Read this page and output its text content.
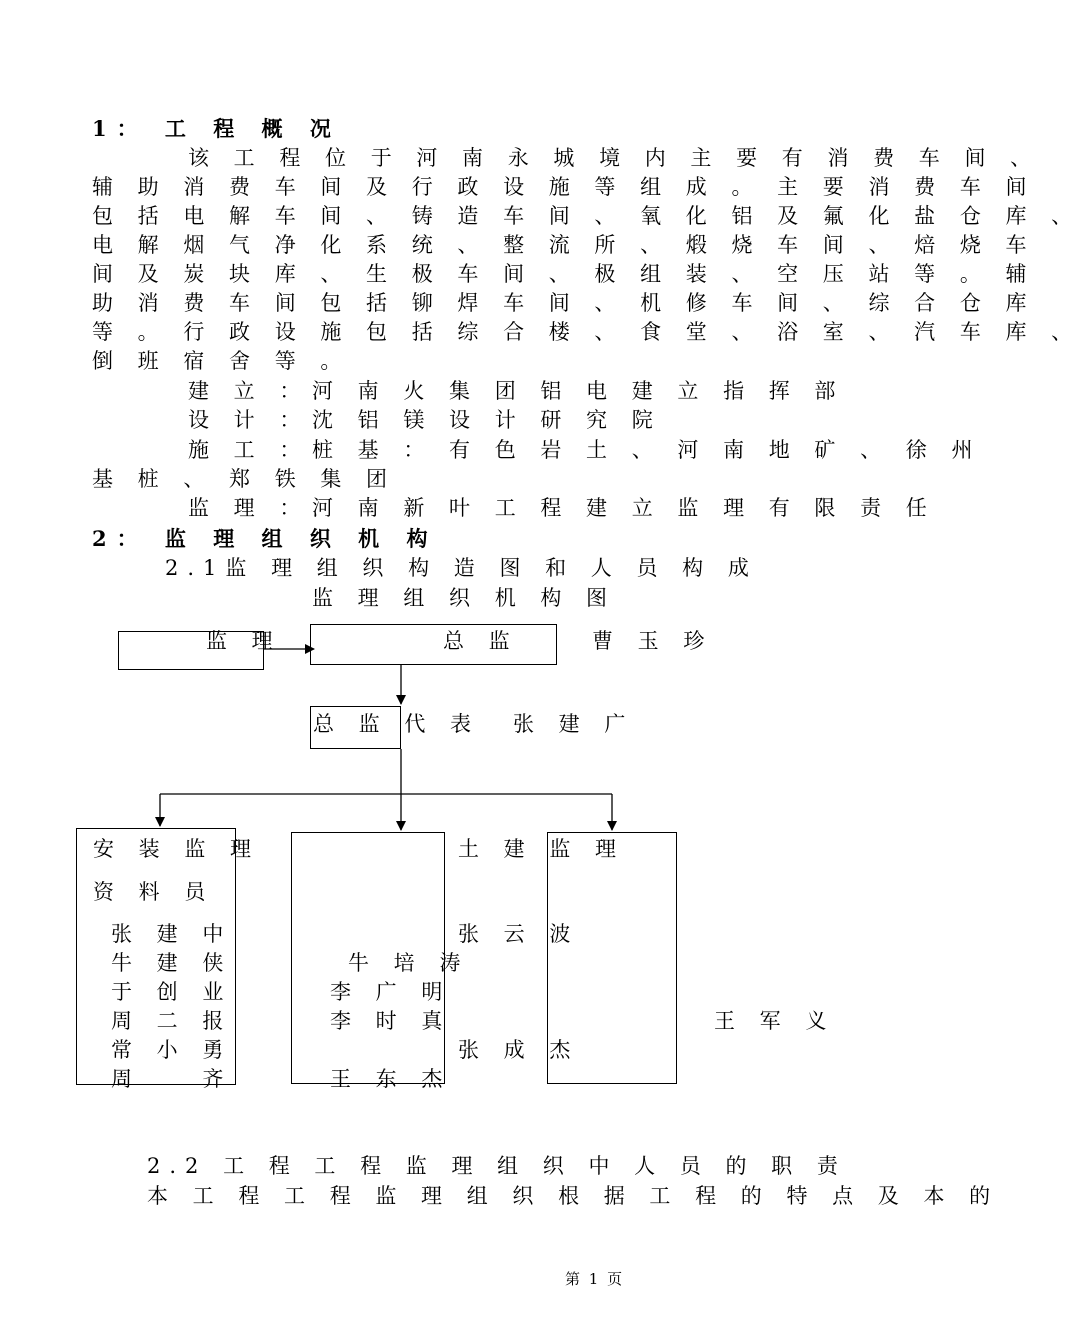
1： 工 程 概 况
该 工 程 位 于 河 南 永 城 境 内 主 要 有 消 费 车 间 、
辅 助 消 费 车 间 及 行 政 设 施 等 组 成 。 主 要 消 费 车 间
包 括 电 解 车 间 、 铸 造 车 间 、 氧 化 铝 及 氟 化 盐 仓 库 、
电 解 烟 气 净 化 系 统 、 整 流 所 、 煅 烧 车 间 、 焙 烧 车
间 及 炭 块 库 、 生 极 车 间 、 极 组 装 、 空 压 站 等 。 辅
助 消 费 车 间 包 括 铆 焊 车 间 、 机 修 车 间 、 综 合 仓 库
等 。 行 政 设 施 包 括 综 合 楼 、 食 堂 、 浴 室 、 汽 车 库 、
倒 班 宿 舍 等 。
建 立 ： 河 南 火 集 团 铝 电 建 立 指 挥 部
设 计 ： 沈 铝 镁 设 计 研 究 院
施 工 ： 桩 基 ： 有 色 岩 土 、 河 南 地 矿 、 徐 州
基 桩 、 郑 铁 集 团
监 理 ： 河 南 新 叶 工 程 建 立 监 理 有 限 责 任
2： 监 理 组 织 机 构
2.1监 理 组 织 构 造 图 和 人 员 构 成
监 理 组 织 机 构 图
监 理	总 监	曹 玉 珍
总 监 代 表 张 建 广
安 装 监 理
资 料 员
张 建 中
牛 建 侠
于 创 业
周 二 报
常 小 勇
周 　 齐
牛 培 涛
李 广 明
李 时 真
王 东 杰
土 建 监 理
张 云 波
张 成 杰
王 军 义
2.2 工 程 工 程 监 理 组 织 中 人 员 的 职 责
本 工 程 工 程 监 理 组 织 根 据 工 程 的 特 点 及 本 的
第 1 页
